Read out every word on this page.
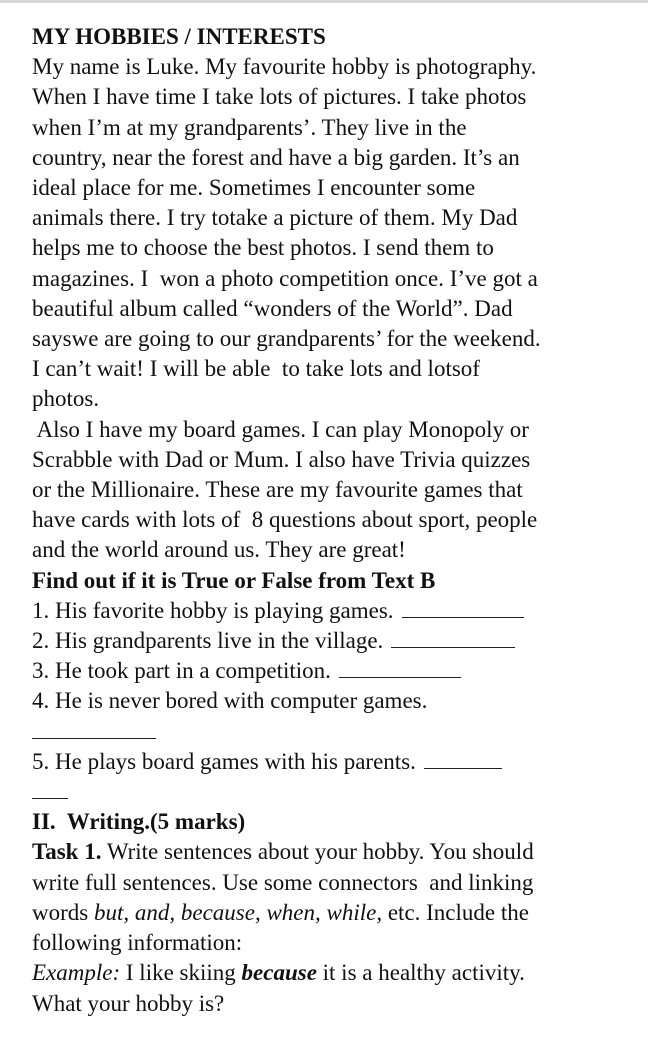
MY HOBBIES / INTERESTS
My name is Luke. My favourite hobby is photography.
When I have time I take lots of pictures. I take photos
when I’m at my grandparents’. They live in the
country, near the forest and have a big garden. It’s an
ideal place for me. Sometimes I encounter some
animals there. I try totake a picture of them. My Dad
helps me to choose the best photos. I send them to
magazines. I  won a photo competition once. I’ve got a
beautiful album called “wonders of the World”. Dad
sayswe are going to our grandparents’ for the weekend.
I can’t wait! I will be able  to take lots and lotsof
photos.
Also I have my board games. I can play Monopoly or
Scrabble with Dad or Mum. I also have Trivia quizzes
or the Millionaire. These are my favourite games that
have cards with lots of  8 questions about sport, people
and the world around us. They are great!
Find out if it is True or False from Text B
1. His favorite hobby is playing games.
2. His grandparents live in the village.
3. He took part in a competition.
4. He is never bored with computer games.
5. He plays board games with his parents.
II.  Writing.(5 marks)
Task 1. Write sentences about your hobby. You should
write full sentences. Use some connectors  and linking
words but, and, because, when, while, etc. Include the
following information:
Example: I like skiing because it is a healthy activity.
What your hobby is?
